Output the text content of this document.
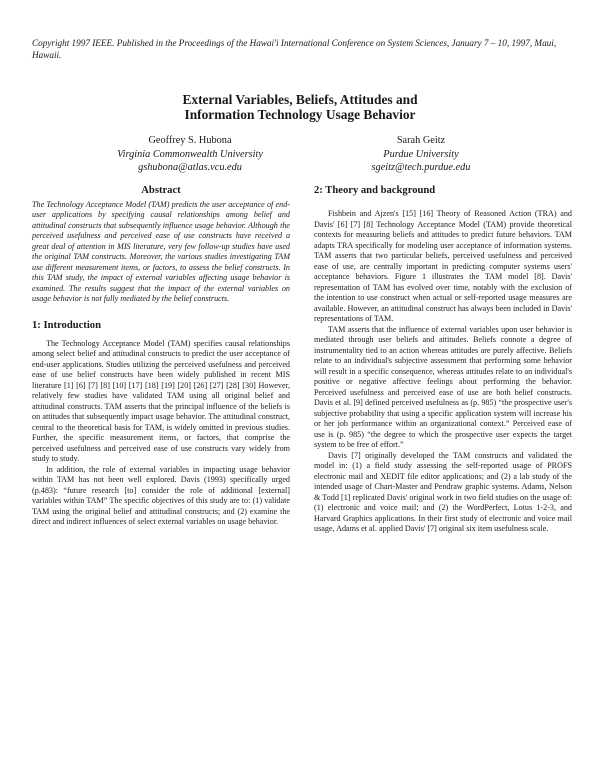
Copyright 1997 IEEE. Published in the Proceedings of the Hawai'i International Conference on System Sciences, January 7 – 10, 1997, Maui, Hawaii.
External Variables, Beliefs, Attitudes and
Information Technology Usage Behavior
Geoffrey S. Hubona
Virginia Commonwealth University
gshubona@atlas.vcu.edu
Sarah Geitz
Purdue University
sgeitz@tech.purdue.edu
Abstract

The Technology Acceptance Model (TAM) predicts the user acceptance of end-user applications by specifying causal relationships among belief and attitudinal constructs that subsequently influence usage behavior. Although the perceived usefulness and perceived ease of use constructs have received a great deal of attention in MIS literature, very few follow-up studies have used the original TAM constructs. Moreover, the various studies investigating TAM use different measurement items, or factors, to assess the belief constructs. In this TAM study, the impact of external variables affecting usage behavior is examined. The results suggest that the impact of the external variables on usage behavior is not fully mediated by the belief constructs.

1: Introduction

The Technology Acceptance Model (TAM) specifies causal relationships among select belief and attitudinal constructs to predict the user acceptance of end-user applications. Studies utilizing the perceived usefulness and perceived ease of use belief constructs have been widely published in recent MIS literature [1] [6] [7] [8] [10] [17] [18] [19] [20] [26] [27] [28] [30] However, relatively few studies have validated TAM using all original belief and attitudinal constructs. TAM asserts that the principal influence of the beliefs is on attitudes that subsequently impact usage behavior. The attitudinal construct, central to the theoretical basis for TAM, is widely omitted in previous studies. Further, the specific measurement items, or factors, that comprise the perceived usefulness and perceived ease of use constructs vary widely from study to study.

In addition, the role of external variables in impacting usage behavior within TAM has not been well explored. Davis (1993) specifically urged (p.483): “future research [to] consider the role of additional [external] variables within TAM” The specific objectives of this study are to: (1) validate TAM using the original belief and attitudinal constructs; and (2) examine the direct and indirect influences of select external variables on usage behavior.

2: Theory and background

Fishbein and Ajzen's [15] [16] Theory of Reasoned Action (TRA) and Davis' [6] [7] [8] Technology Acceptance Model (TAM) provide theoretical contexts for measuring beliefs and attitudes to predict future behaviors. TAM adapts TRA specifically for modeling user acceptance of information systems. TAM asserts that two particular beliefs, perceived usefulness and perceived ease of use, are centrally important in predicting computer systems users' acceptance behaviors. Figure 1 illustrates the TAM model [8]. Davis' representation of TAM has evolved over time, notably with the exclusion of the intention to use construct when actual or self-reported usage measures are available. However, an attitudinal construct has always been included in Davis' representations of TAM.

TAM asserts that the influence of external variables upon user behavior is mediated through user beliefs and attitudes. Beliefs connote a degree of instrumentality tied to an action whereas attitudes are purely affective. Beliefs relate to an individual's subjective assessment that performing some behavior will result in a specific consequence, whereas attitudes relate to an individual's positive or negative affective feelings about performing the behavior. Perceived usefulness and perceived ease of use are both belief constructs. Davis et al. [9] defined perceived usefulness as (p. 985) “the prospective user's subjective probability that using a specific application system will increase his or her job performance within an organizational context.” Perceived ease of use is (p. 985) “the degree to which the prospective user expects the target system to be free of effort.”

Davis [7] originally developed the TAM constructs and validated the model in: (1) a field study assessing the self-reported usage of PROFS electronic mail and XEDIT file editor applications; and (2) a lab study of the intended usage of Chart-Master and Pendraw graphic systems. Adams, Nelson & Todd [1] replicated Davis' original work in two field studies on the usage of: (1) electronic and voice mail; and (2) the WordPerfect, Lotus 1-2-3, and Harvard Graphics applications. In their first study of electronic and voice mail usage, Adams et al. applied Davis' [7] original six item usefulness scale.
